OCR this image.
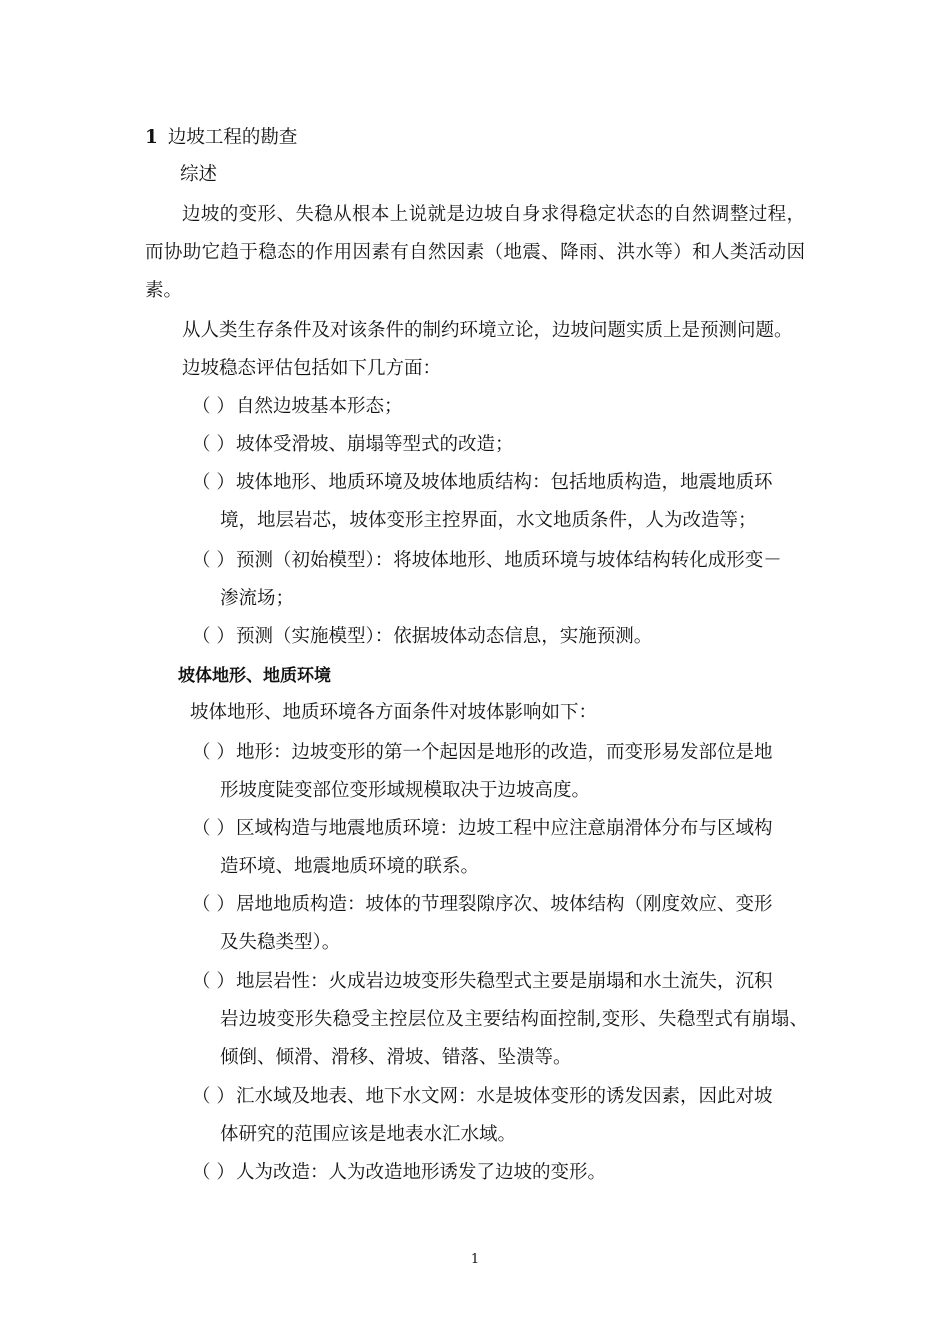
1 边坡工程的勘查
综述
边坡的变形、失稳从根本上说就是边坡自身求得稳定状态的自然调整过程，
而协助它趋于稳态的作用因素有自然因素（地震、降雨、洪水等）和人类活动因
素。
从人类生存条件及对该条件的制约环境立论，边坡问题实质上是预测问题。
边坡稳态评估包括如下几方面：
（ ）自然边坡基本形态；
（ ）坡体受滑坡、崩塌等型式的改造；
（ ）坡体地形、地质环境及坡体地质结构：包括地质构造，地震地质环
境，地层岩芯，坡体变形主控界面，水文地质条件，人为改造等；
（ ）预测（初始模型）：将坡体地形、地质环境与坡体结构转化成形变－
渗流场；
（ ）预测（实施模型）：依据坡体动态信息，实施预测。
坡体地形、地质环境
坡体地形、地质环境各方面条件对坡体影响如下：
（ ）地形：边坡变形的第一个起因是地形的改造，而变形易发部位是地
形坡度陡变部位变形域规模取决于边坡高度。
（ ）区域构造与地震地质环境：边坡工程中应注意崩滑体分布与区域构
造环境、地震地质环境的联系。
（ ）居地地质构造：坡体的节理裂隙序次、坡体结构（刚度效应、变形
及失稳类型）。
（ ）地层岩性：火成岩边坡变形失稳型式主要是崩塌和水土流失，沉积
岩边坡变形失稳受主控层位及主要结构面控制,变形、失稳型式有崩塌、
倾倒、倾滑、滑移、滑坡、错落、坠溃等。
（ ）汇水域及地表、地下水文网：水是坡体变形的诱发因素，因此对坡
体研究的范围应该是地表水汇水域。
（ ）人为改造：人为改造地形诱发了边坡的变形。
1
